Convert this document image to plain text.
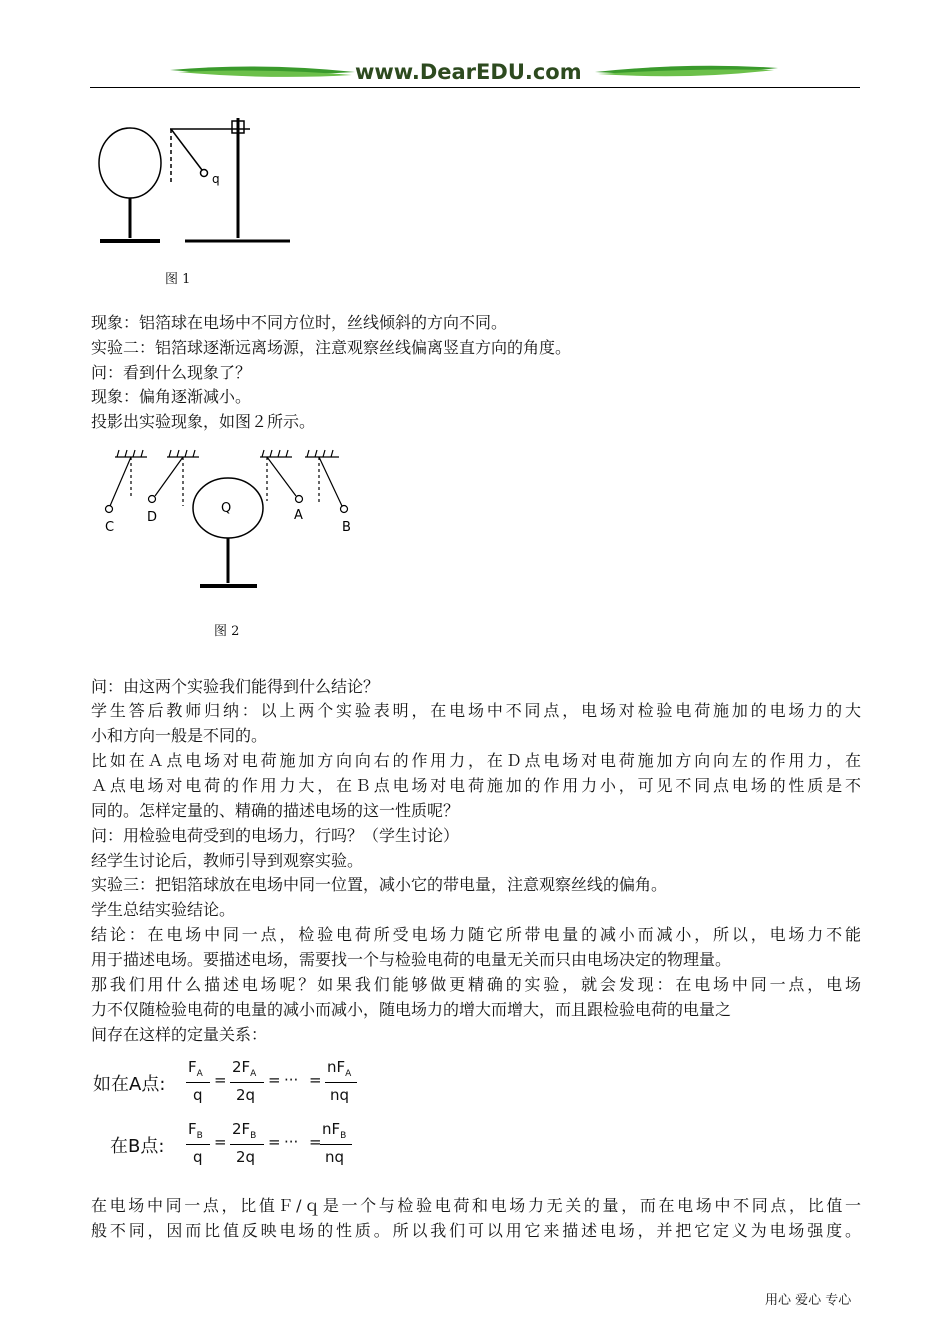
www.DearEDU.com
q
图 1
现象：铝箔球在电场中不同方位时，丝线倾斜的方向不同。
实验二：铝箔球逐渐远离场源，注意观察丝线偏离竖直方向的角度。
问：看到什么现象了？
现象：偏角逐渐减小。
投影出实验现象，如图２所示。
C
D
Q	A
B
图 2
问：由这两个实验我们能得到什么结论？
学生答后教师归纳：以上两个实验表明，在电场中不同点，电场对检验电荷施加的电场力的大
小和方向一般是不同的。
比如在Ａ点电场对电荷施加方向向右的作用力，在Ｄ点电场对电荷施加方向向左的作用力，在
Ａ点电场对电荷的作用力大，在Ｂ点电场对电荷施加的作用力小，可见不同点电场的性质是不
同的。怎样定量的、精确的描述电场的这一性质呢？
问：用检验电荷受到的电场力，行吗？（学生讨论）
经学生讨论后，教师引导到观察实验。
实验三：把铝箔球放在电场中同一位置，减小它的带电量，注意观察丝线的偏角。
学生总结实验结论。
结论：在电场中同一点，检验电荷所受电场力随它所带电量的减小而减小，所以，电场力不能
用于描述电场。要描述电场，需要找一个与检验电荷的电量无关而只由电场决定的物理量。
那我们用什么描述电场呢？如果我们能够做更精确的实验，就会发现：在电场中同一点，电场
力不仅随检验电荷的电量的减小而减小，随电场力的增大而增大，而且跟检验电荷的电量之
间存在这样的定量关系：
如在A点:
$F_A$
q
=
$2F_A$
2q
= ··· =
$nF_A$
nq
在B点:
$F_B$
q
=
$2F_B$
2q
= ··· =
$nF_B$
nq
在电场中同一点，比值Ｆ/ｑ是一个与检验电荷和电场力无关的量，而在电场中不同点，比值一
般不同，因而比值反映电场的性质。所以我们可以用它来描述电场，并把它定义为电场强度。
用心 爱心 专心
